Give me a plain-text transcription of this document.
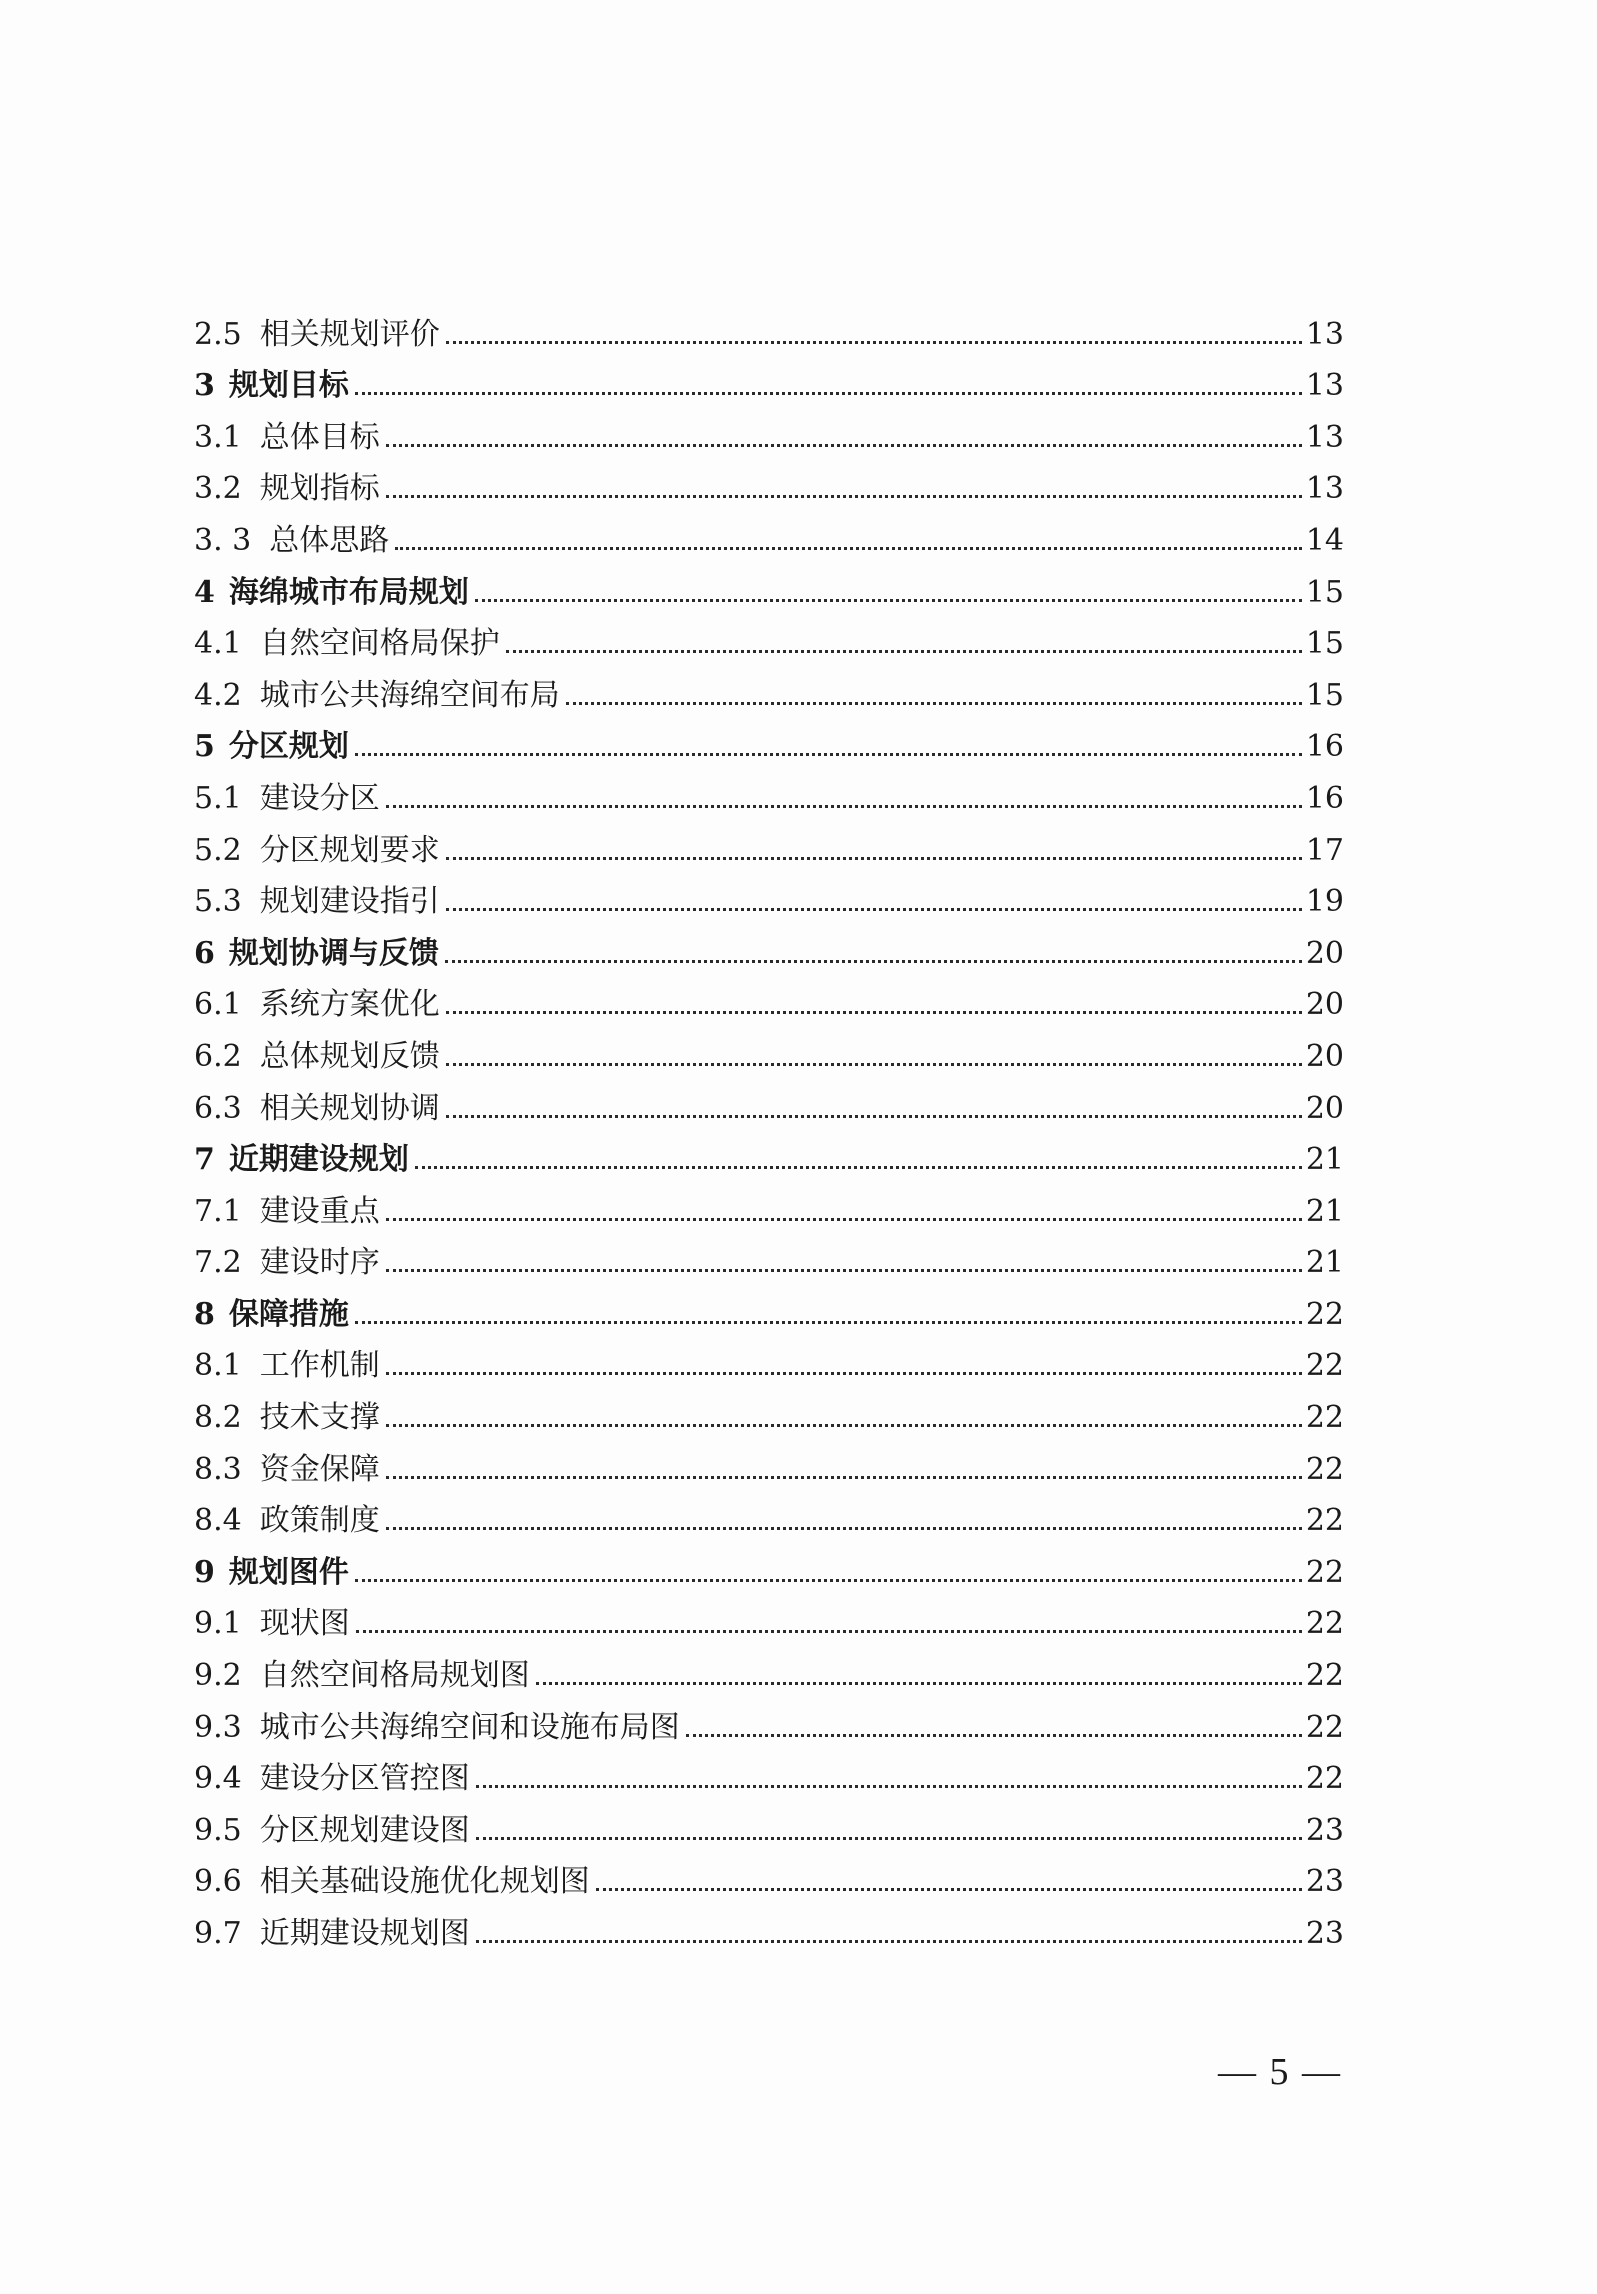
2.5 相关规划评价	13
3 规划目标	13
3.1 总体目标	13
3.2 规划指标	13
3. 3 总体思路	14
4 海绵城市布局规划	15
4.1 自然空间格局保护	15
4.2 城市公共海绵空间布局	15
5 分区规划	16
5.1 建设分区	16
5.2 分区规划要求	17
5.3 规划建设指引	19
6 规划协调与反馈	20
6.1 系统方案优化	20
6.2 总体规划反馈	20
6.3 相关规划协调	20
7 近期建设规划	21
7.1 建设重点	21
7.2 建设时序	21
8 保障措施	22
8.1 工作机制	22
8.2 技术支撑	22
8.3 资金保障	22
8.4 政策制度	22
9 规划图件	22
9.1 现状图	22
9.2 自然空间格局规划图	22
9.3 城市公共海绵空间和设施布局图	22
9.4 建设分区管控图	22
9.5 分区规划建设图	23
9.6 相关基础设施优化规划图	23
9.7 近期建设规划图	23
— 5 —
